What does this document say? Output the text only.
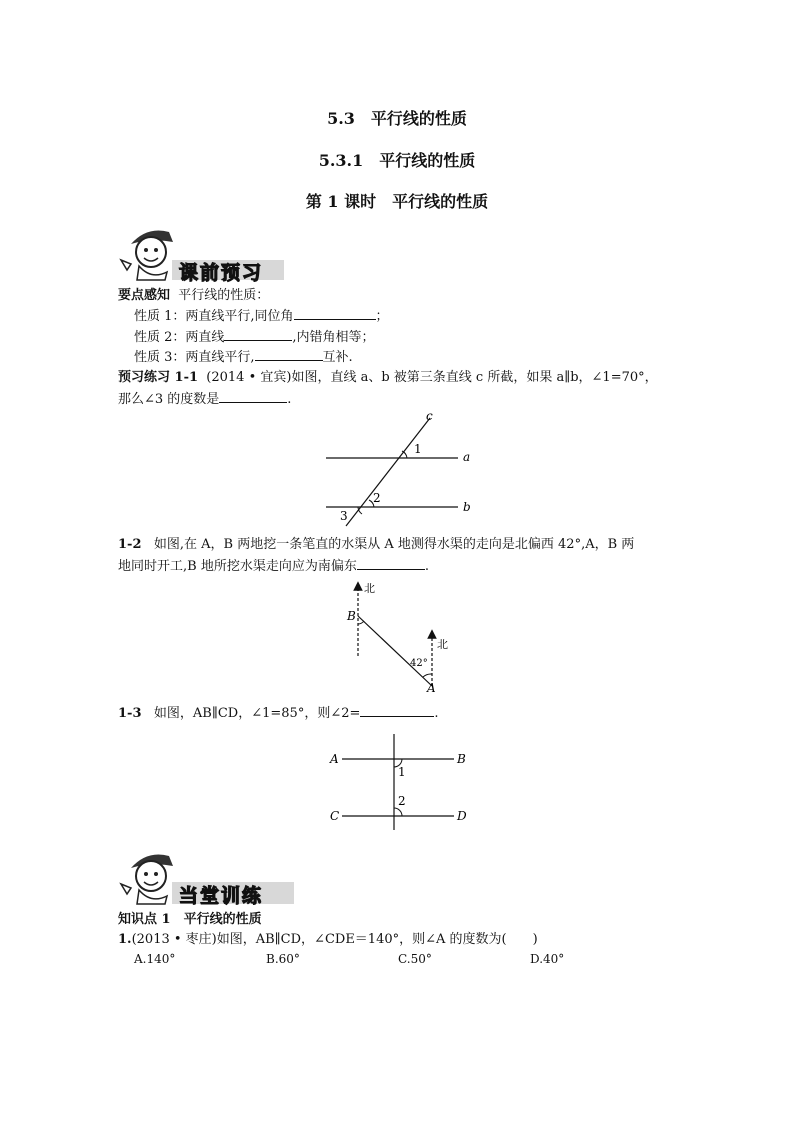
5.3　平行线的性质
5.3.1　平行线的性质
第 1 课时　平行线的性质
课前预习
要点感知 平行线的性质：
性质 1：两直线平行,同位角	；
性质 2：两直线	,内错角相等；
性质 3：两直线平行,	互补.
预习练习 1-1 (2014 • 宜宾)如图，直线 a、b 被第三条直线 c 所截，如果 a∥b，∠1=70°，
那么∠3 的度数是	.
c
a
b
1
2
3
1-2 如图,在 A，B 两地挖一条笔直的水渠从 A 地测得水渠的走向是北偏西 42°,A，B 两
地同时开工,B 地所挖水渠走向应为南偏东	.
北
北
B
A
42°
1-3 如图，AB∥CD，∠1=85°，则∠2=	.
A	B
C	D
1
2
当堂训练
知识点 1　平行线的性质
1.(2013 • 枣庄)如图，AB∥CD，∠CDE＝140°，则∠A 的度数为(　　)
A.140°	B.60°	C.50°	D.40°
